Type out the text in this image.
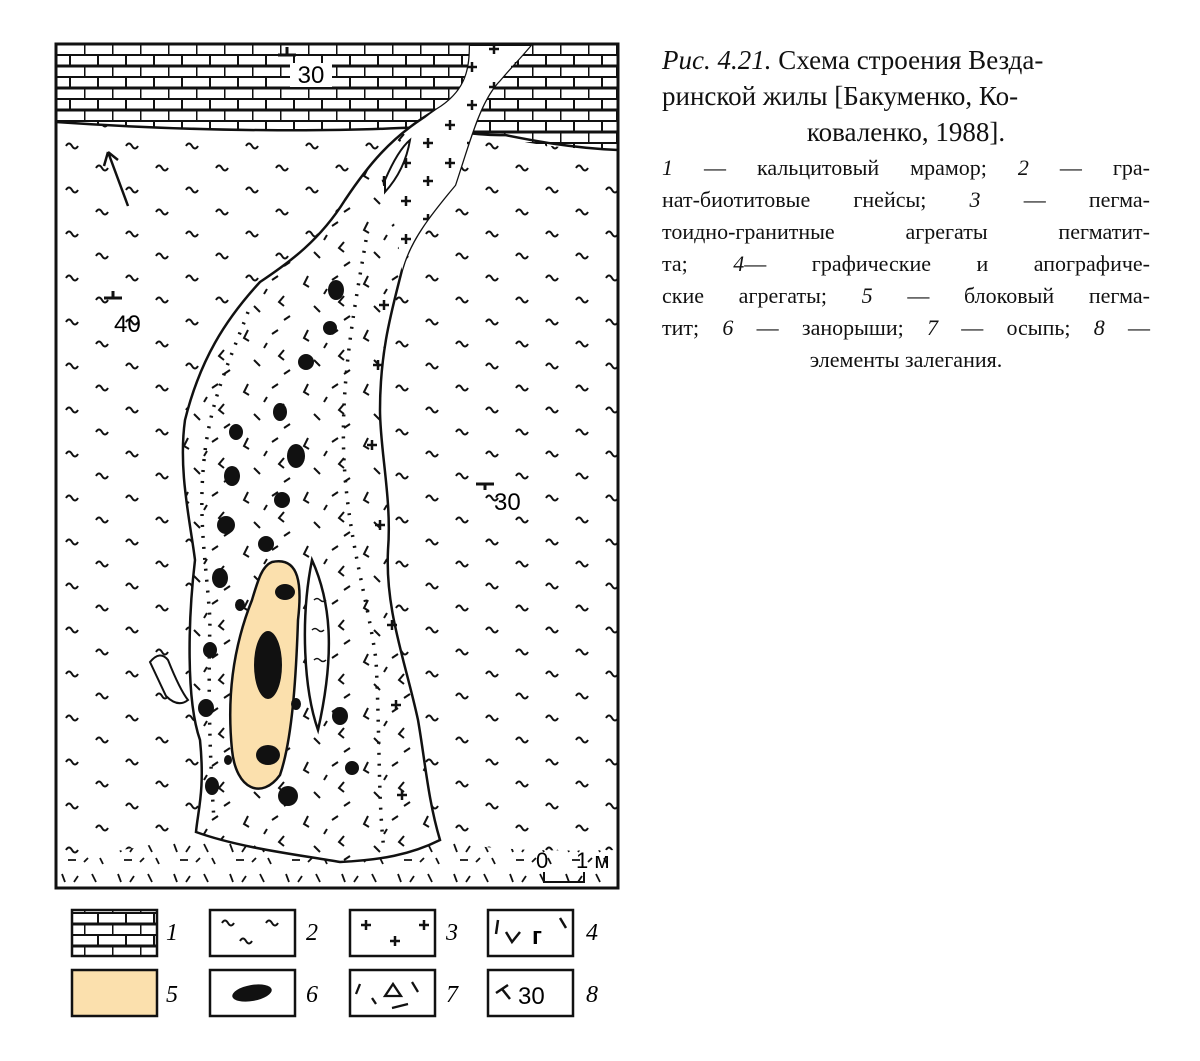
30
40
30
0 1 м
1	2	3	г 4
5	6	7	30 8
Рис. 4.21. Схема строения Везда-
ринской жилы [Бакуменко, Ко-
коваленко, 1988].
1 — кальцитовый мрамор; 2 — гра-
нат-биотитовые гнейсы; 3 — пегма-
тоидно-гранитные агрегаты пегматит-
та; 4— графические и апографиче-
ские агрегаты; 5 — блоковый пегма-
тит; 6 — занорыши; 7 — осыпь; 8 —
элементы залегания.
